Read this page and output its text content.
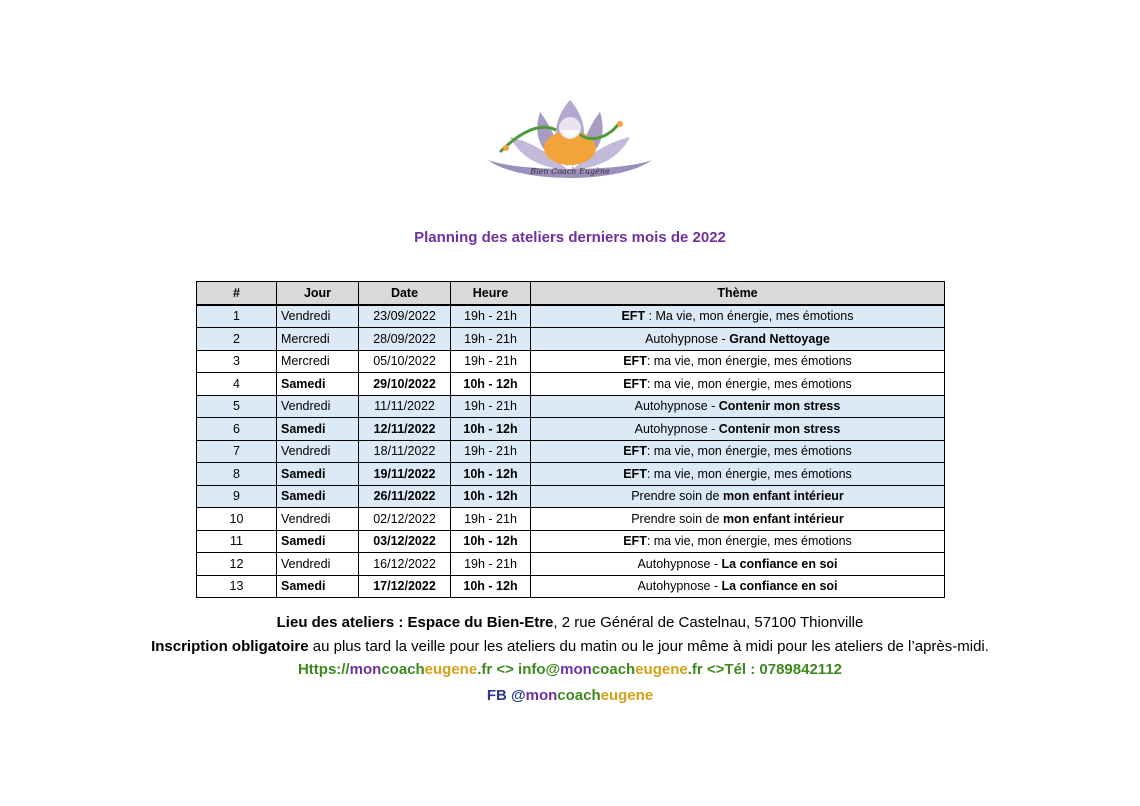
Bien Coach Eugène
Planning des ateliers derniers mois de 2022
#	Jour	Date	Heure	Thème
1	Vendredi	23/09/2022	19h - 21h	EFT : Ma vie, mon énergie, mes émotions
2	Mercredi	28/09/2022	19h - 21h	Autohypnose - Grand Nettoyage
3	Mercredi	05/10/2022	19h - 21h	EFT: ma vie, mon énergie, mes émotions
4	Samedi	29/10/2022	10h - 12h	EFT: ma vie, mon énergie, mes émotions
5	Vendredi	11/11/2022	19h - 21h	Autohypnose - Contenir mon stress
6	Samedi	12/11/2022	10h - 12h	Autohypnose - Contenir mon stress
7	Vendredi	18/11/2022	19h - 21h	EFT: ma vie, mon énergie, mes émotions
8	Samedi	19/11/2022	10h - 12h	EFT: ma vie, mon énergie, mes émotions
9	Samedi	26/11/2022	10h - 12h	Prendre soin de mon enfant intérieur
10	Vendredi	02/12/2022	19h - 21h	Prendre soin de mon enfant intérieur
11	Samedi	03/12/2022	10h - 12h	EFT: ma vie, mon énergie, mes émotions
12	Vendredi	16/12/2022	19h - 21h	Autohypnose - La confiance en soi
13	Samedi	17/12/2022	10h - 12h	Autohypnose - La confiance en soi
Lieu des ateliers : Espace du Bien-Etre, 2 rue Général de Castelnau, 57100 Thionville
Inscription obligatoire au plus tard la veille pour les ateliers du matin ou le jour même à midi pour les ateliers de l’après-midi.
Https://moncoacheugene.fr <> info@moncoacheugene.fr <>Tél : 0789842112
FB @moncoacheugene
